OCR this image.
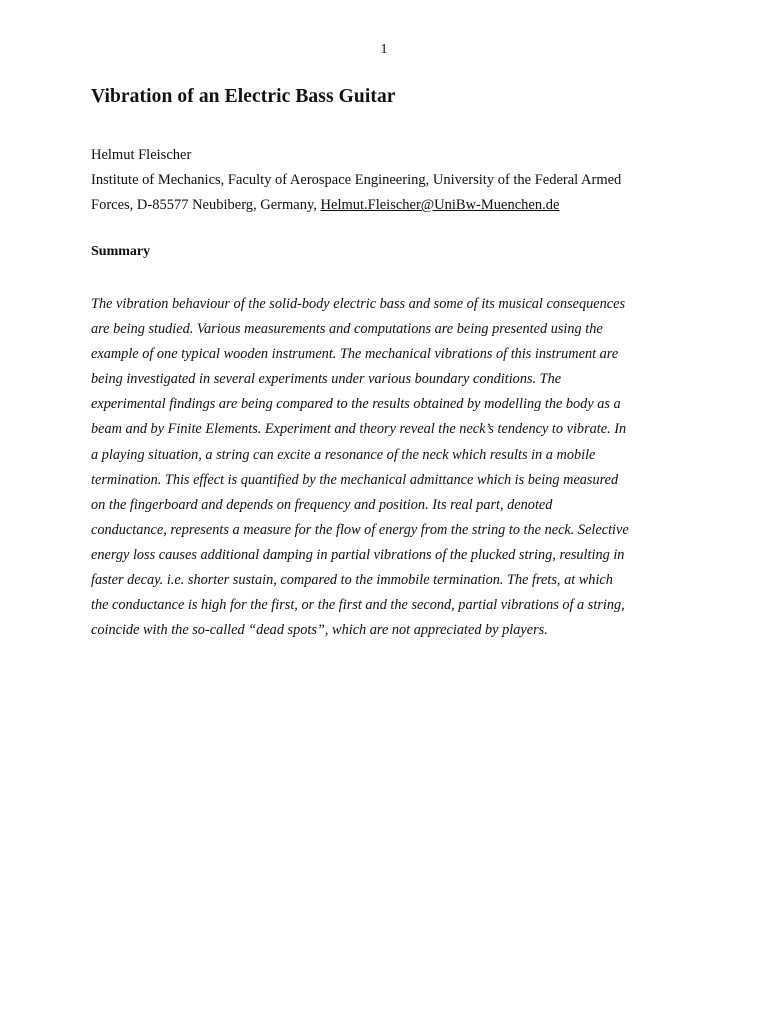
1
Vibration of an Electric Bass Guitar
Helmut Fleischer
Institute of Mechanics, Faculty of Aerospace Engineering, University of the Federal Armed
Forces, D-85577 Neubiberg, Germany, Helmut.Fleischer@UniBw-Muenchen.de
Summary
The vibration behaviour of the solid-body electric bass and some of its musical consequences
are being studied. Various measurements and computations are being presented using the
example of one typical wooden instrument. The mechanical vibrations of this instrument are
being investigated in several experiments under various boundary conditions. The
experimental findings are being compared to the results obtained by modelling the body as a
beam and by Finite Elements. Experiment and theory reveal the neck’s tendency to vibrate. In
a playing situation, a string can excite a resonance of the neck which results in a mobile
termination. This effect is quantified by the mechanical admittance which is being measured
on the fingerboard and depends on frequency and position. Its real part, denoted
conductance, represents a measure for the flow of energy from the string to the neck. Selective
energy loss causes additional damping in partial vibrations of the plucked string, resulting in
faster decay. i.e. shorter sustain, compared to the immobile termination. The frets, at which
the conductance is high for the first, or the first and the second, partial vibrations of a string,
coincide with the so-called “dead spots”, which are not appreciated by players.
